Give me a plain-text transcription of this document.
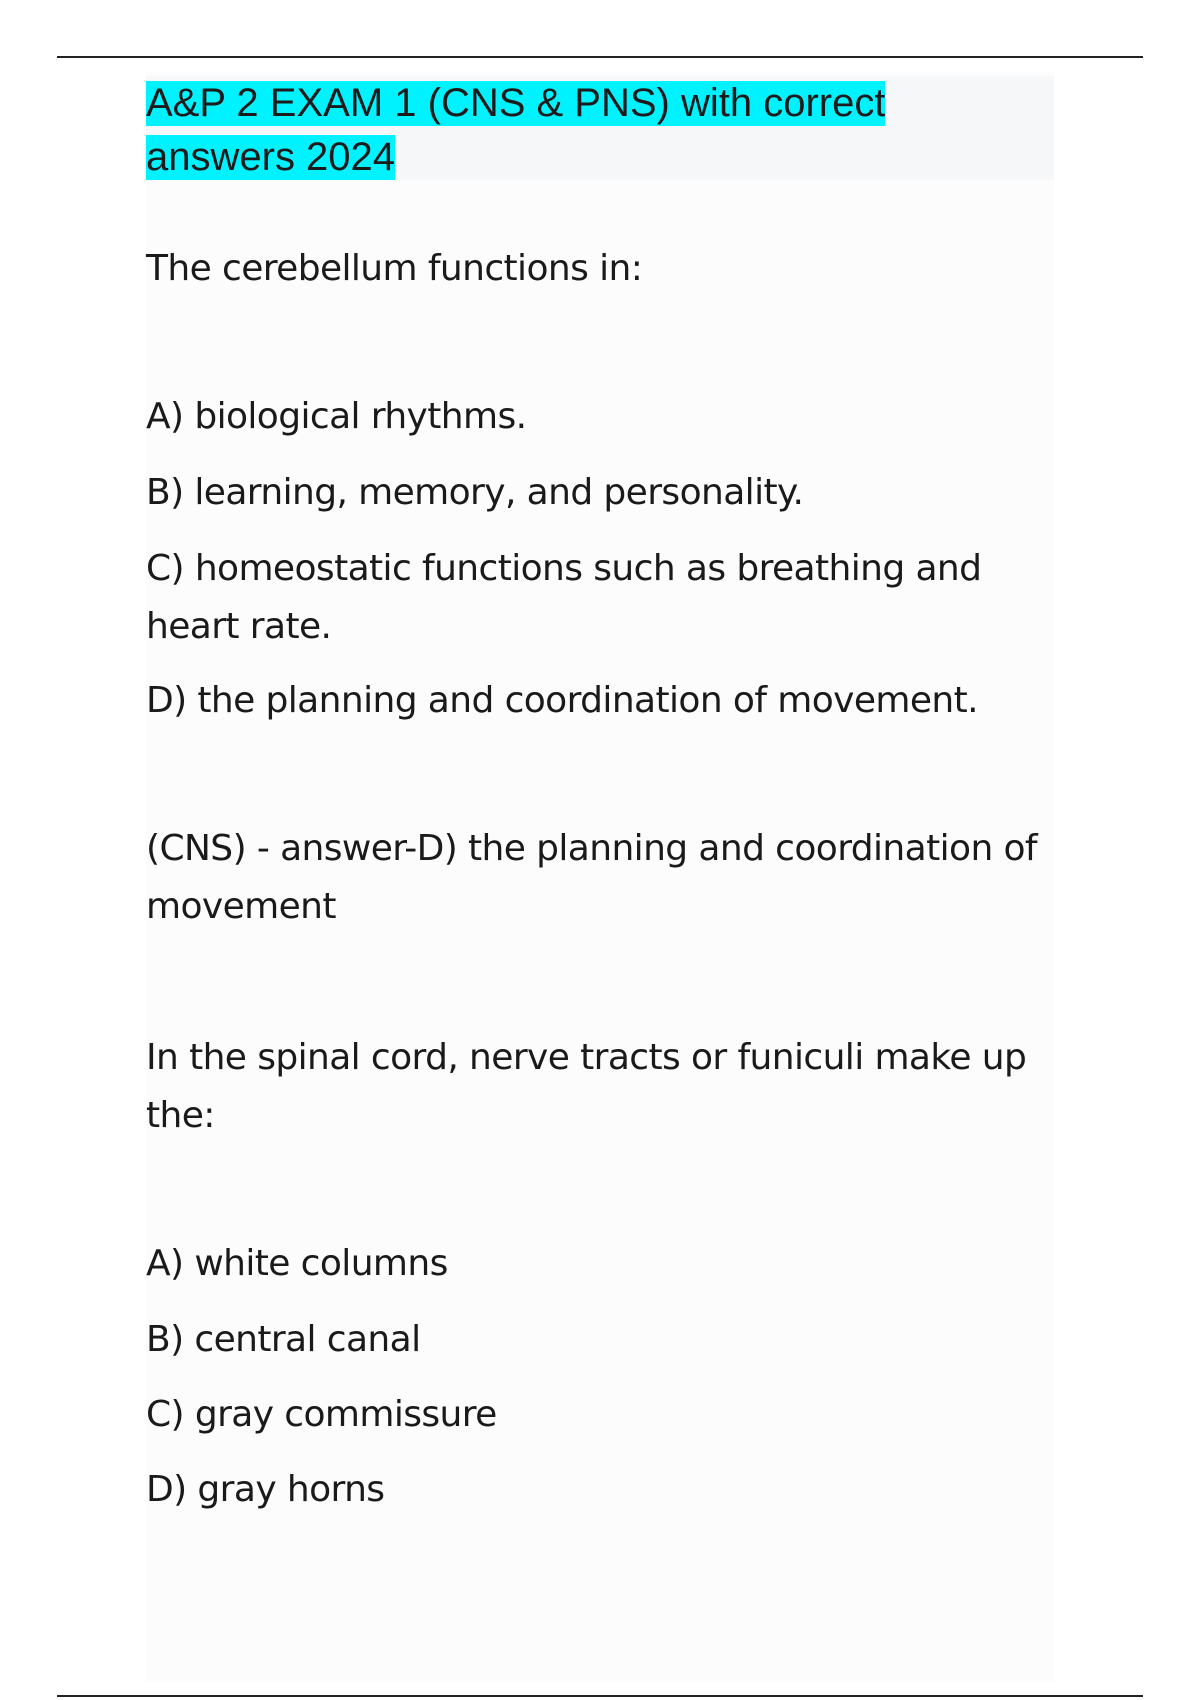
A&P 2 EXAM 1 (CNS & PNS) with correct answers 2024

The cerebellum functions in:

A) biological rhythms.

B) learning, memory, and personality.

C) homeostatic functions such as breathing and heart rate.

D) the planning and coordination of movement.

(CNS) - answer-D) the planning and coordination of movement

In the spinal cord, nerve tracts or funiculi make up the:

A) white columns

B) central canal

C) gray commissure

D) gray horns
